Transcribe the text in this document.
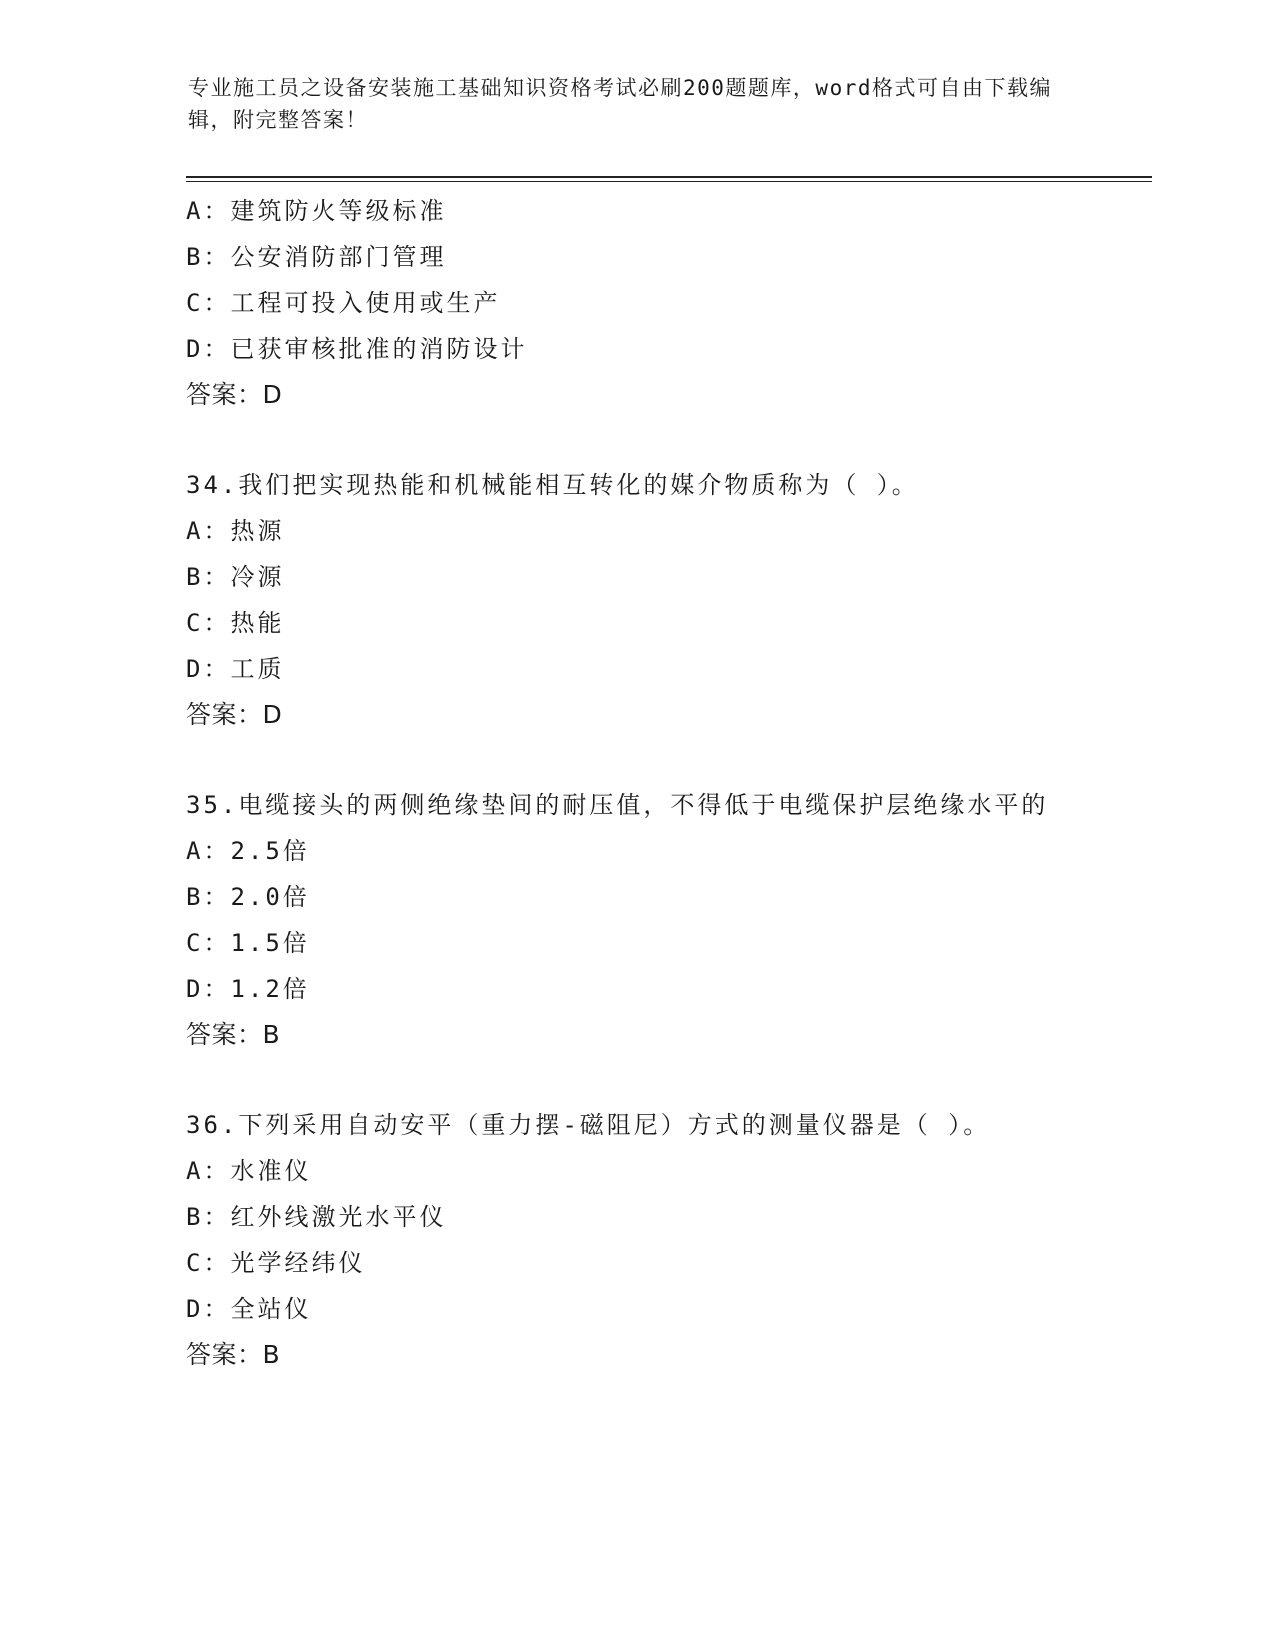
专业施工员之设备安装施工基础知识资格考试必刷200题题库，word格式可自由下载编辑，附完整答案！
A：建筑防火等级标准
B：公安消防部门管理
C：工程可投入使用或生产
D：已获审核批准的消防设计
答案：D
34.我们把实现热能和机械能相互转化的媒介物质称为（ ）。
A：热源
B：冷源
C：热能
D：工质
答案：D
35.电缆接头的两侧绝缘垫间的耐压值，不得低于电缆保护层绝缘水平的
A：2.5倍
B：2.0倍
C：1.5倍
D：1.2倍
答案：B
36.下列采用自动安平（重力摆-磁阻尼）方式的测量仪器是（ ）。
A：水准仪
B：红外线激光水平仪
C：光学经纬仪
D：全站仪
答案：B
